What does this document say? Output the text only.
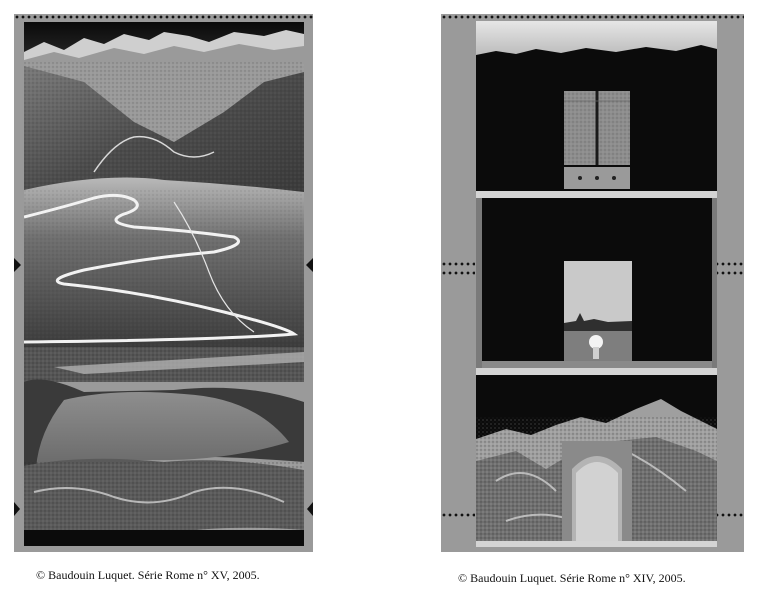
© Baudouin Luquet. Série Rome n° XV, 2005.	© Baudouin Luquet. Série Rome n° XIV, 2005.
